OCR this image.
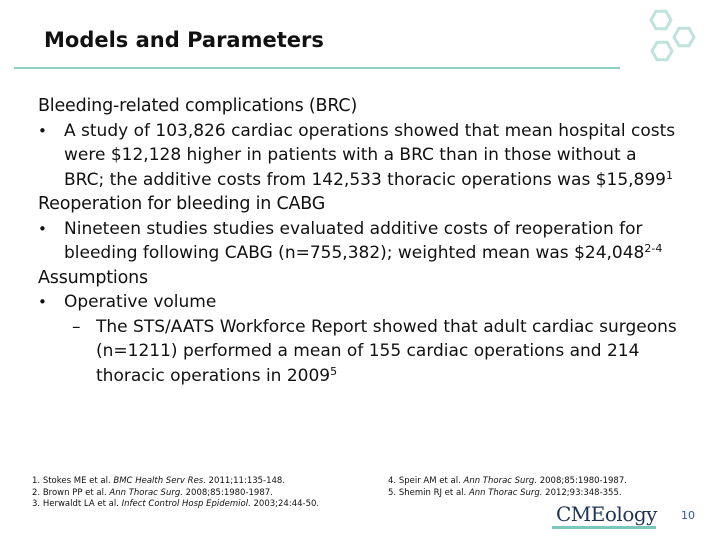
Models and Parameters
Bleeding-related complications (BRC)
• A study of 103,826 cardiac operations showed that mean hospital costs were $12,128 higher in patients with a BRC than in those without a BRC; the additive costs from 142,533 thoracic operations was $15,899$^1$
Reoperation for bleeding in CABG
• Nineteen studies studies evaluated additive costs of reoperation for bleeding following CABG (n=755,382); weighted mean was $24,048$^{2-4}$
Assumptions
• Operative volume
– The STS/AATS Workforce Report showed that adult cardiac surgeons (n=1211) performed a mean of 155 cardiac operations and 214 thoracic operations in 2009$^5$
1. Stokes ME et al. BMC Health Serv Res. 2011;11:135-148.
2. Brown PP et al. Ann Thorac Surg. 2008;85:1980-1987.
3. Herwaldt LA et al. Infect Control Hosp Epidemiol. 2003;24:44-50.
4. Speir AM et al. Ann Thorac Surg. 2008;85:1980-1987.
5. Shemin RJ et al. Ann Thorac Surg. 2012;93:348-355.
CMEology 10
